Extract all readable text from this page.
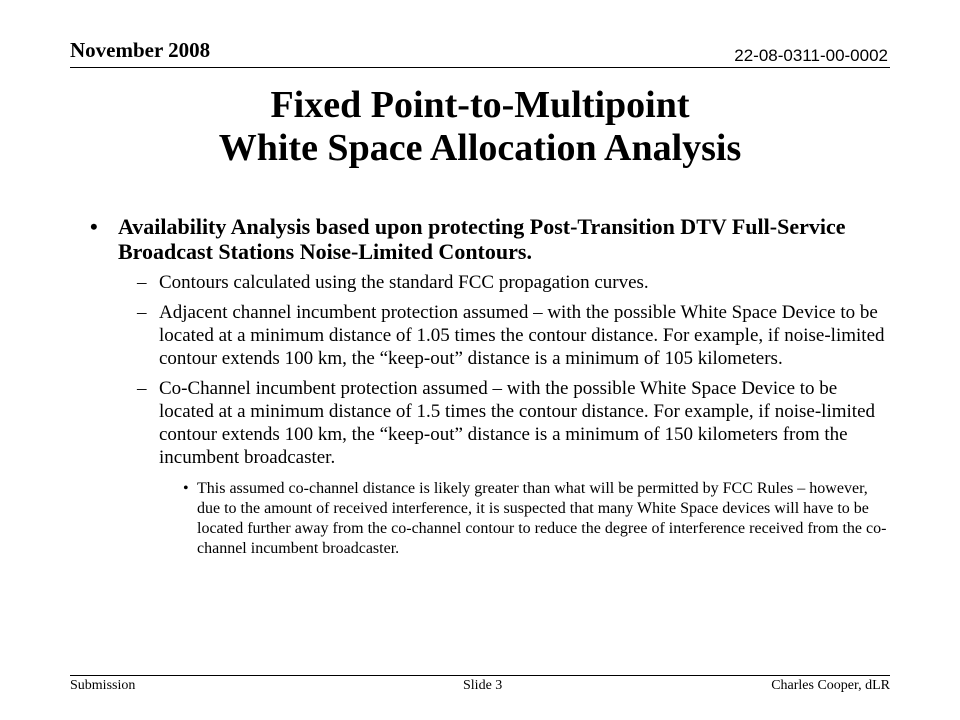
November 2008	22-08-0311-00-0002
Fixed Point-to-Multipoint
White Space Allocation Analysis
• Availability Analysis based upon protecting Post-Transition DTV Full-Service Broadcast Stations Noise-Limited Contours.
– Contours calculated using the standard FCC propagation curves.
– Adjacent channel incumbent protection assumed – with the possible White Space Device to be located at a minimum distance of 1.05 times the contour distance. For example, if noise-limited contour extends 100 km, the “keep-out” distance is a minimum of 105 kilometers.
– Co-Channel incumbent protection assumed – with the possible White Space Device to be located at a minimum distance of 1.5 times the contour distance. For example, if noise-limited contour extends 100 km, the “keep-out” distance is a minimum of 150 kilometers from the incumbent broadcaster.
• This assumed co-channel distance is likely greater than what will be permitted by FCC Rules – however, due to the amount of received interference, it is suspected that many White Space devices will have to be located further away from the co-channel contour to reduce the degree of interference received from the co-channel incumbent broadcaster.
Submission	Slide 3	Charles Cooper, dLR
